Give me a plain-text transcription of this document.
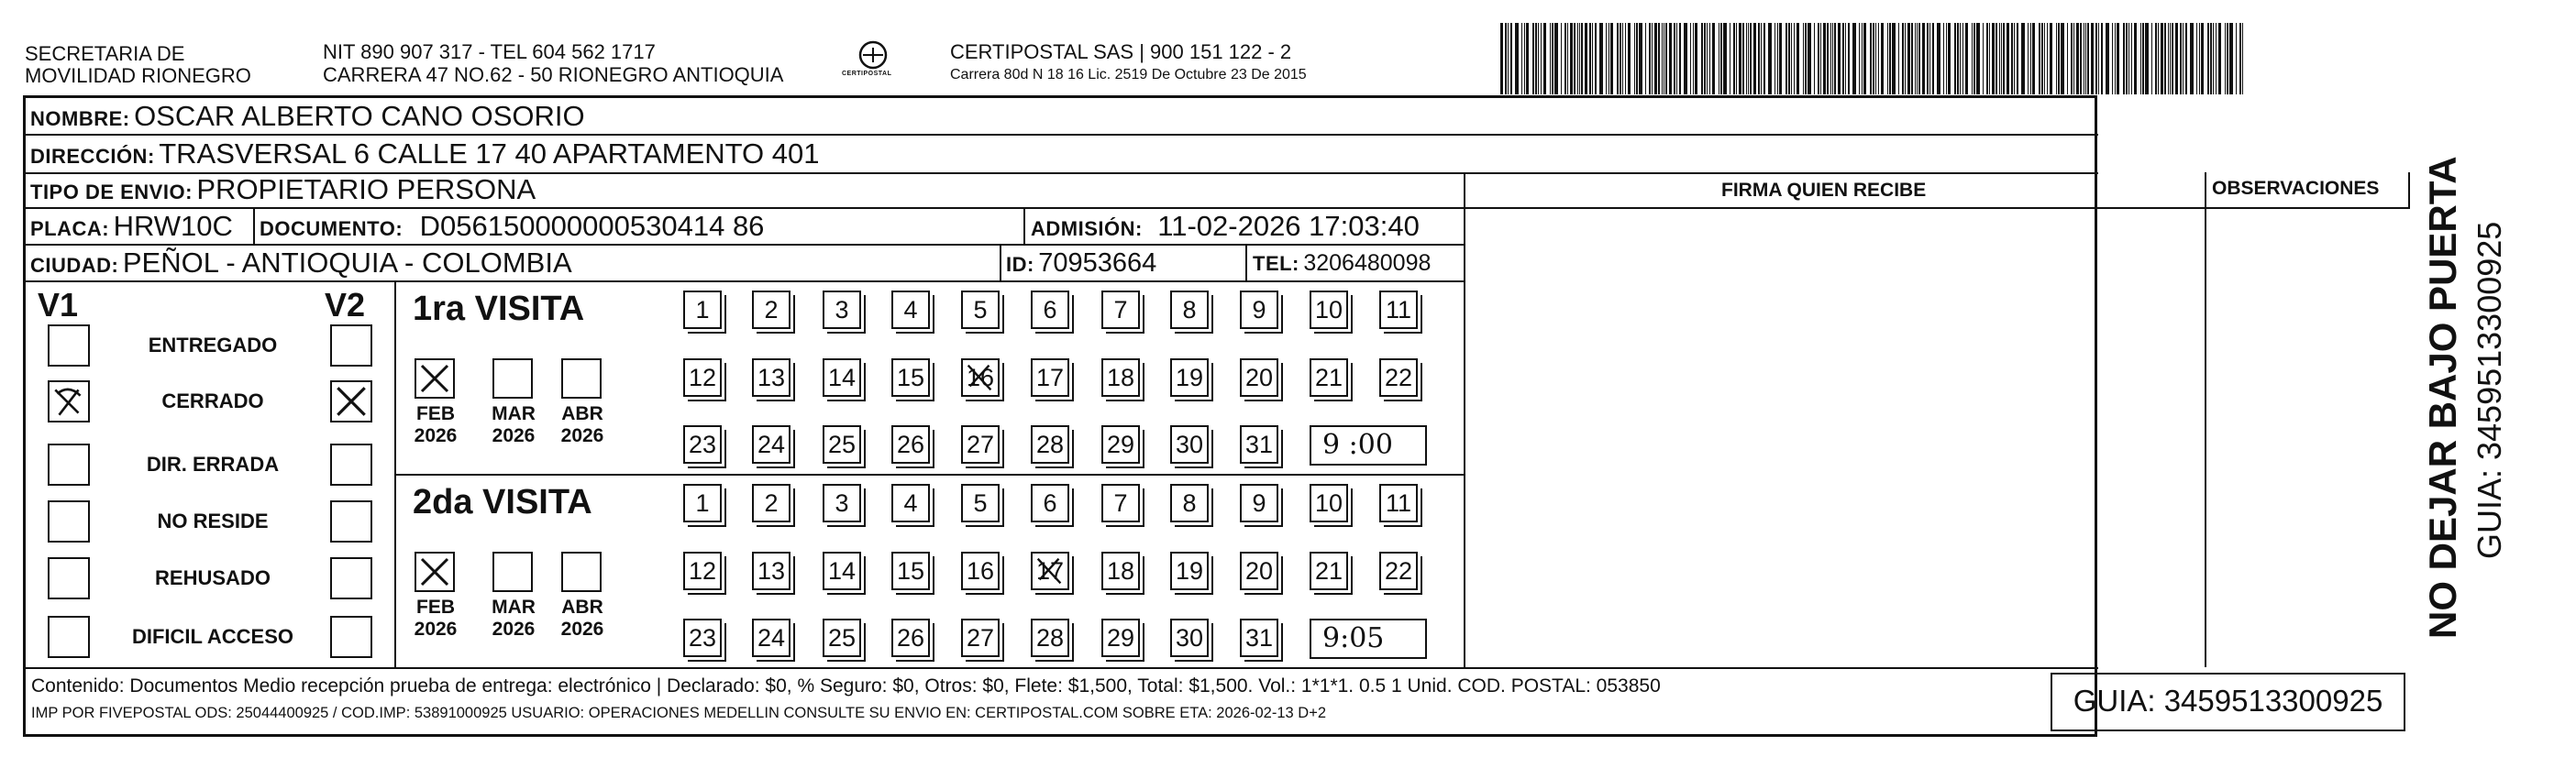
SECRETARIA DE
MOVILIDAD RIONEGRO
NIT 890 907 317 - TEL 604 562 1717
CARRERA 47 NO.62 - 50 RIONEGRO ANTIOQUIA	CERTIPOSTAL
CERTIPOSTAL SAS | 900 151 122 - 2
Carrera 80d N 18 16 Lic. 2519 De Octubre 23 De 2015
NOMBRE: OSCAR ALBERTO CANO OSORIO
DIRECCIÓN: TRASVERSAL 6 CALLE 17 40 APARTAMENTO 401
TIPO DE ENVIO: PROPIETARIO PERSONA
PLACA: HRW10C DOCUMENTO: D056150000000530414 86	ADMISIÓN: 11-02-2026 17:03:40
CIUDAD: PEÑOL - ANTIOQUIA - COLOMBIA	ID: 70953664	TEL: 3206480098
FIRMA QUIEN RECIBE	OBSERVACIONES
V1	V2
ENTREGADO
CERRADO
DIR. ERRADA
NO RESIDE
REHUSADO
DIFICIL ACCESO
1ra VISITA
FEB
2026
MAR
2026
ABR
2026
1	2	3	4	5	6	7	8	9	10 11
12 13 14 15 16 17 18 19 20 21 22
23 24 25 26 27 28 29 30 31 9 :00
2da VISITA
FEB
2026
MAR
2026
ABR
2026
1	2	3	4	5	6	7	8	9	10 11
12 13 14 15 16 17 18 19 20 21 22
23 24 25 26 27 28 29 30 31 9:05
Contenido: Documentos Medio recepción prueba de entrega: electrónico | Declarado: $0, % Seguro: $0, Otros: $0, Flete: $1,500, Total: $1,500. Vol.: 1*1*1. 0.5 1 Unid. COD. POSTAL: 053850
IMP POR FIVEPOSTAL ODS: 25044400925 / COD.IMP: 53891000925 USUARIO: OPERACIONES MEDELLIN CONSULTE SU ENVIO EN: CERTIPOSTAL.COM SOBRE ETA: 2026-02-13 D+2	GUIA: 3459513300925
NO DEJAR BAJO PUERTA GUIA: 3459513300925
